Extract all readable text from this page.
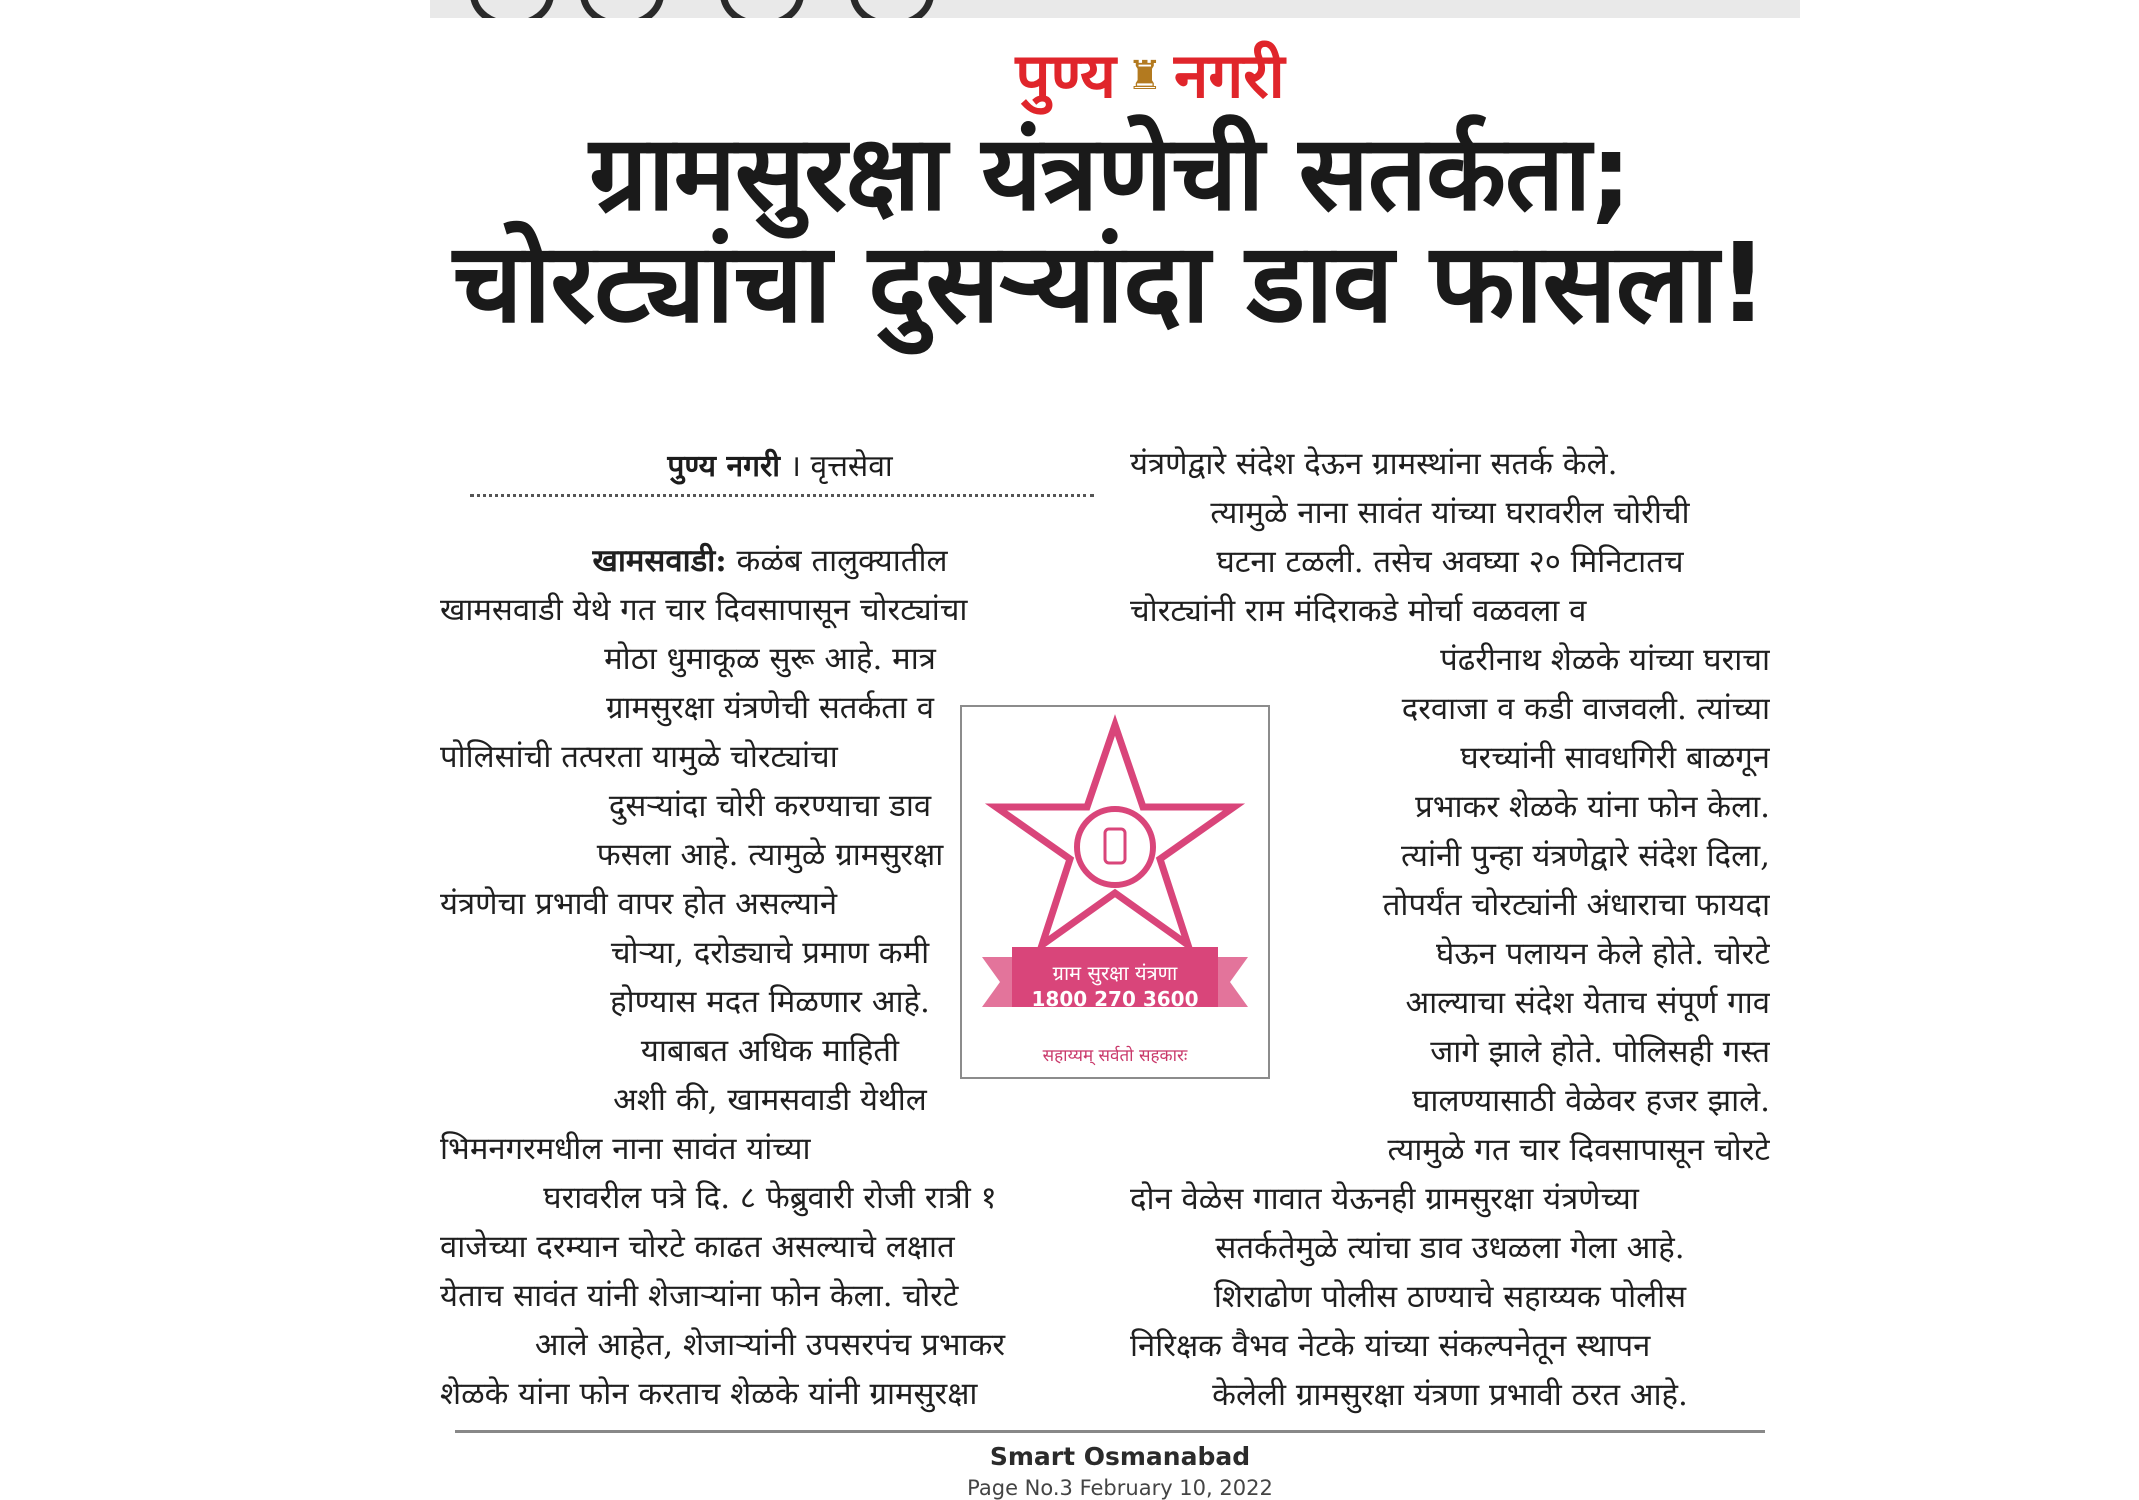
पुण्य ♜ नगरी
ग्रामसुरक्षा यंत्रणेची सतर्कता;
चोरट्यांचा दुसऱ्यांदा डाव फासला!
पुण्य नगरी । वृत्तसेवा
खामसवाडी: कळंब तालुक्यातील
खामसवाडी येथे गत चार दिवसापासून चोरट्यांचा
मोठा धुमाकूळ सुरू आहे. मात्र
ग्रामसुरक्षा यंत्रणेची सतर्कता व
पोलिसांची तत्परता यामुळे चोरट्यांचा
दुसऱ्यांदा चोरी करण्याचा डाव
फसला आहे. त्यामुळे ग्रामसुरक्षा
यंत्रणेचा प्रभावी वापर होत असल्याने
चोऱ्या, दरोड्याचे प्रमाण कमी
होण्यास मदत मिळणार आहे.
याबाबत अधिक माहिती
अशी की, खामसवाडी येथील
भिमनगरमधील नाना सावंत यांच्या
घरावरील पत्रे दि. ८ फेब्रुवारी रोजी रात्री १
वाजेच्या दरम्यान चोरटे काढत असल्याचे लक्षात
येताच सावंत यांनी शेजाऱ्यांना फोन केला. चोरटे
आले आहेत, शेजाऱ्यांनी उपसरपंच प्रभाकर
शेळके यांना फोन करताच शेळके यांनी ग्रामसुरक्षा
यंत्रणेद्वारे संदेश देऊन ग्रामस्थांना सतर्क केले.
त्यामुळे नाना सावंत यांच्या घरावरील चोरीची
घटना टळली. तसेच अवघ्या २० मिनिटातच
चोरट्यांनी राम मंदिराकडे मोर्चा वळवला व
पंढरीनाथ शेळके यांच्या घराचा
दरवाजा व कडी वाजवली. त्यांच्या
घरच्यांनी सावधगिरी बाळगून
प्रभाकर शेळके यांना फोन केला.
त्यांनी पुन्हा यंत्रणेद्वारे संदेश दिला,
तोपर्यंत चोरट्यांनी अंधाराचा फायदा
घेऊन पलायन केले होते. चोरटे
आल्याचा संदेश येताच संपूर्ण गाव
जागे झाले होते. पोलिसही गस्त
घालण्यासाठी वेळेवर हजर झाले.
त्यामुळे गत चार दिवसापासून चोरटे
दोन वेळेस गावात येऊनही ग्रामसुरक्षा यंत्रणेच्या
सतर्कतेमुळे त्यांचा डाव उधळला गेला आहे.
शिराढोण पोलीस ठाण्याचे सहाय्यक पोलीस
निरिक्षक वैभव नेटके यांच्या संकल्पनेतून स्थापन
केलेली ग्रामसुरक्षा यंत्रणा प्रभावी ठरत आहे.
ग्राम सुरक्षा यंत्रणा
1800 270 3600
सहाय्यम् सर्वतो सहकारः
Smart Osmanabad
Page No.3 February 10, 2022
